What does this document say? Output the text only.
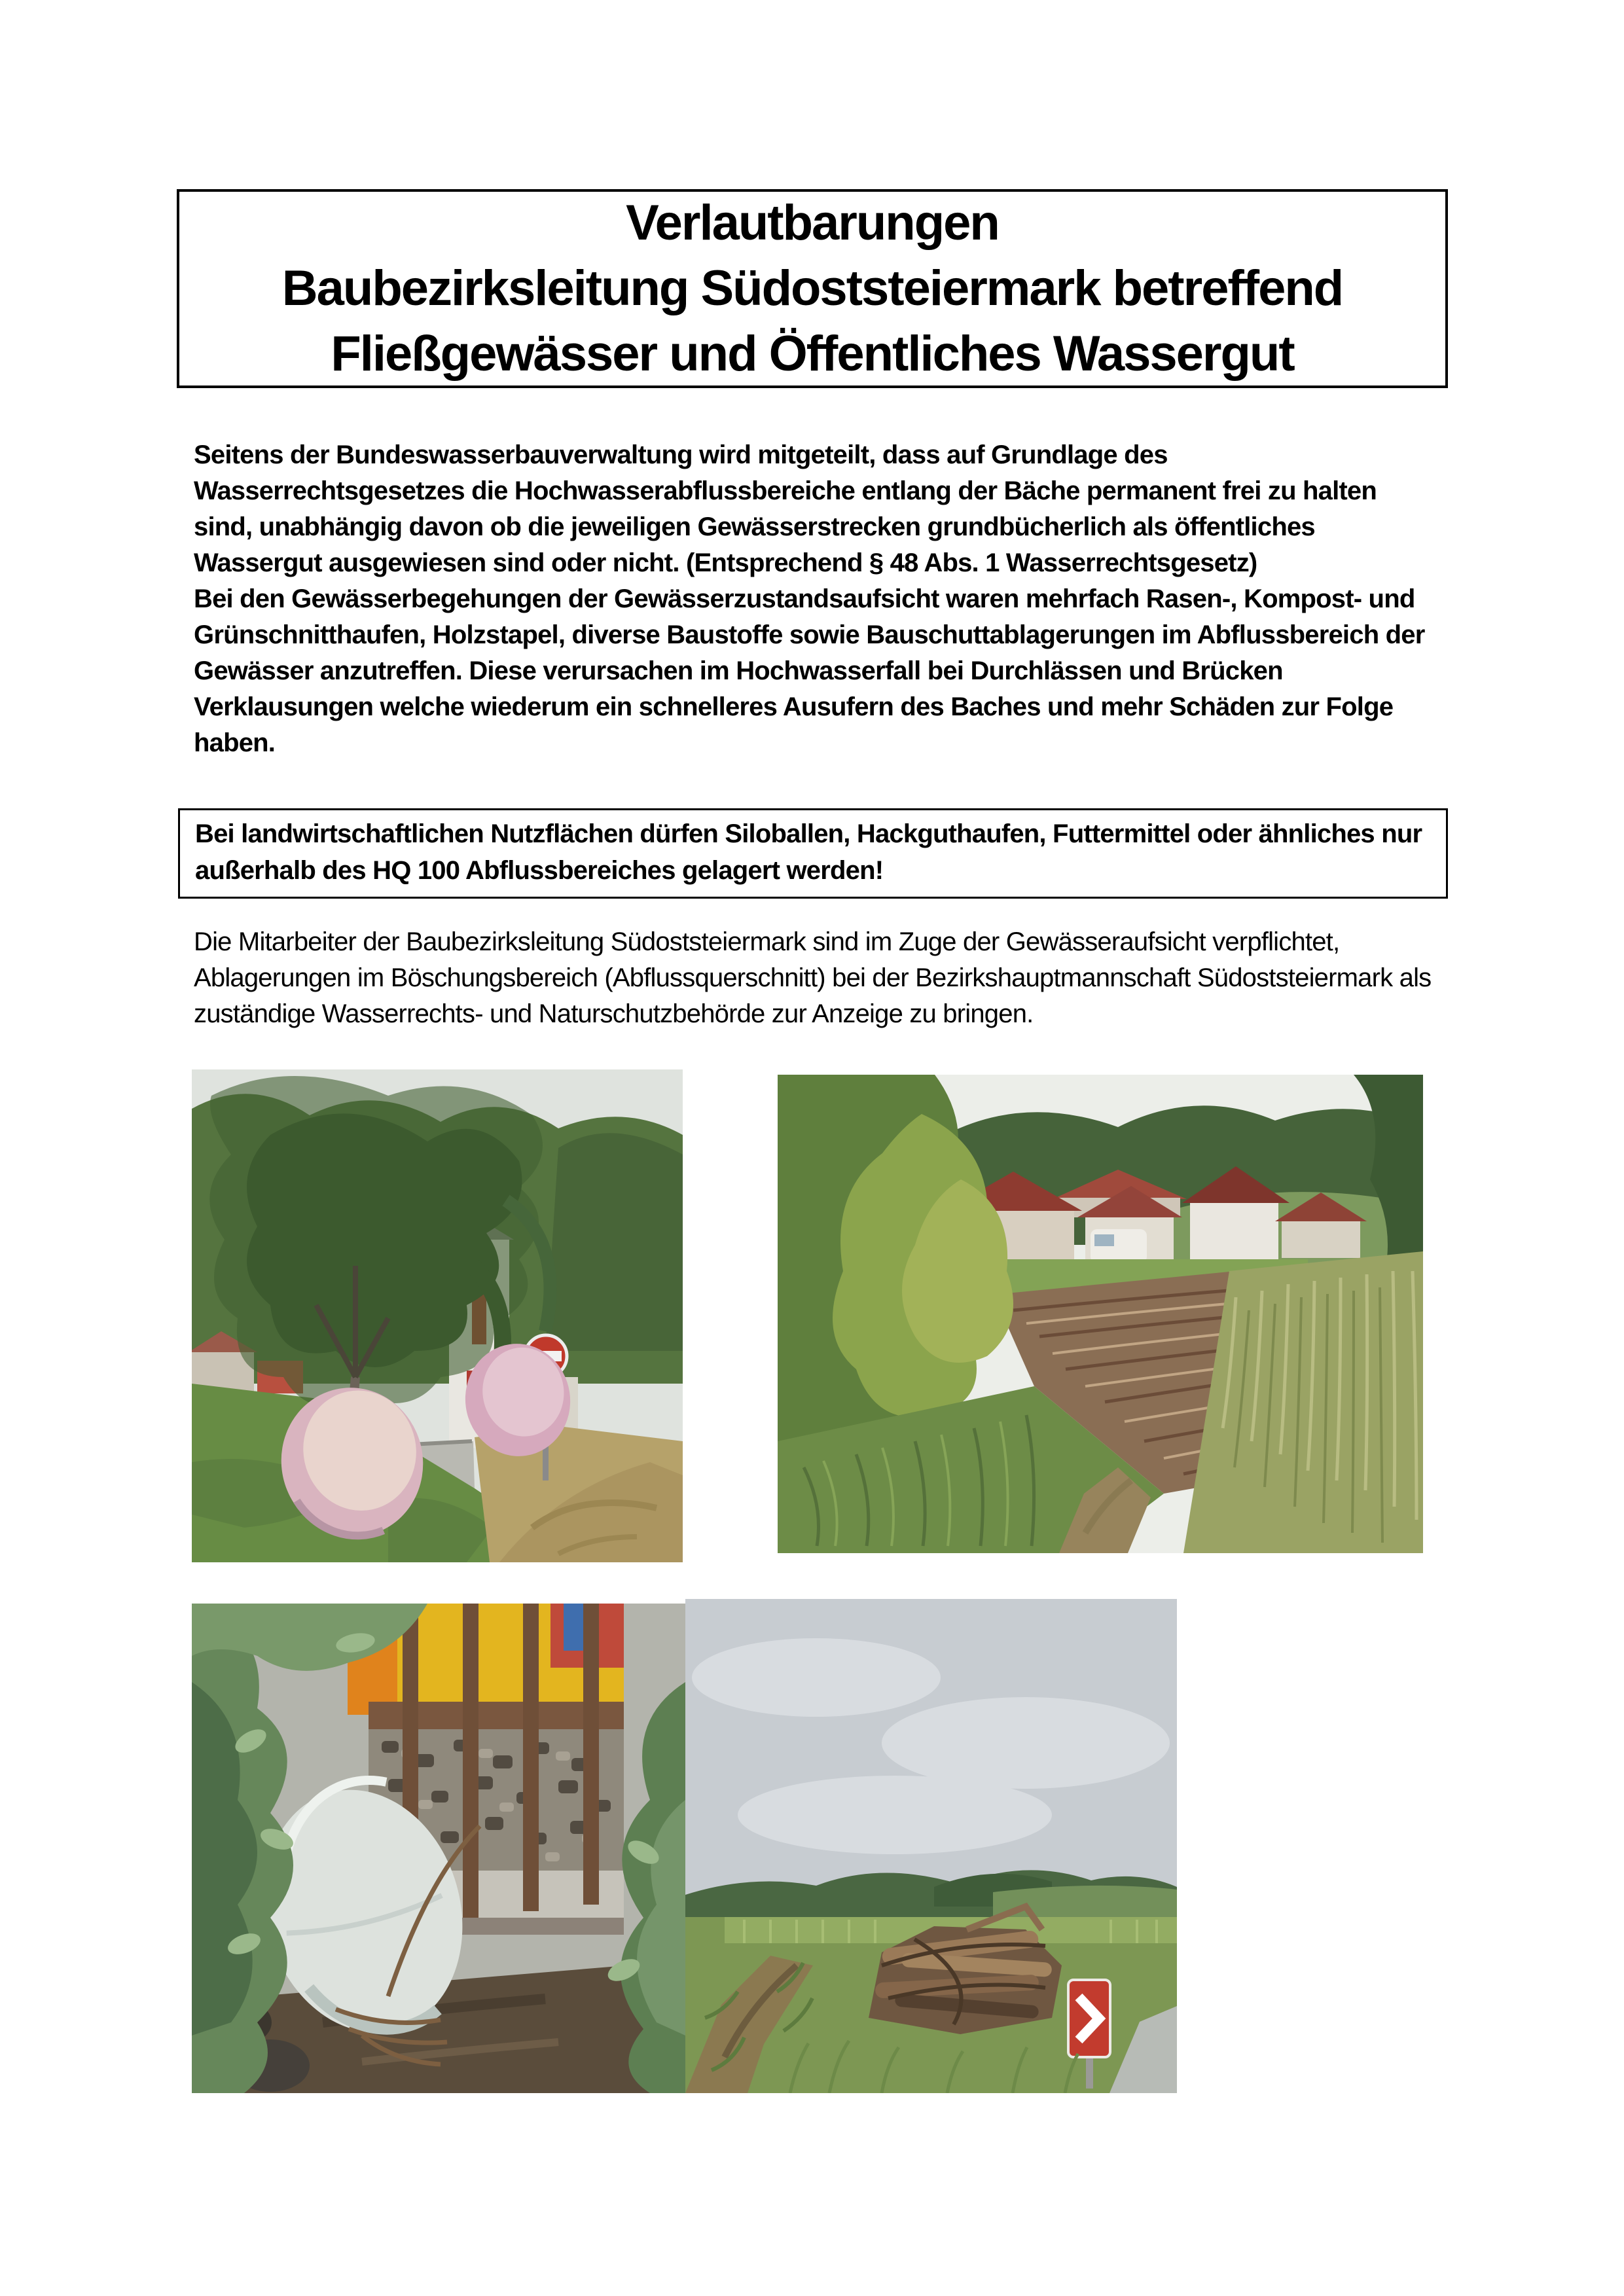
Verlautbarungen
Baubezirksleitung Südoststeiermark betreffend
Fließgewässer und Öffentliches Wassergut
Seitens der Bundeswasserbauverwaltung wird mitgeteilt, dass auf Grundlage des Wasserrechtsgesetzes die Hochwasserabflussbereiche entlang der Bäche permanent frei zu halten sind, unabhängig davon ob die jeweiligen Gewässerstrecken grundbücherlich als öffentliches Wassergut ausgewiesen sind oder nicht. (Entsprechend § 48 Abs. 1 Wasserrechtsgesetz)
Bei den Gewässerbegehungen der Gewässerzustandsaufsicht waren mehrfach Rasen-, Kompost- und Grünschnitthaufen, Holzstapel, diverse Baustoffe sowie Bauschuttablagerungen im Abflussbereich der Gewässer anzutreffen. Diese verursachen im Hochwasserfall bei Durchlässen und Brücken Verklausungen welche wiederum ein schnelleres Ausufern des Baches und mehr Schäden zur Folge haben.
Bei landwirtschaftlichen Nutzflächen dürfen Siloballen, Hackguthaufen, Futtermittel oder ähnliches nur außerhalb des HQ 100 Abflussbereiches gelagert werden!
Die Mitarbeiter der Baubezirksleitung Südoststeiermark sind im Zuge der Gewässeraufsicht verpflichtet, Ablagerungen im Böschungsbereich (Abflussquerschnitt) bei der Bezirkshauptmannschaft Südoststeiermark als zuständige Wasserrechts- und Naturschutzbehörde zur Anzeige zu bringen.
